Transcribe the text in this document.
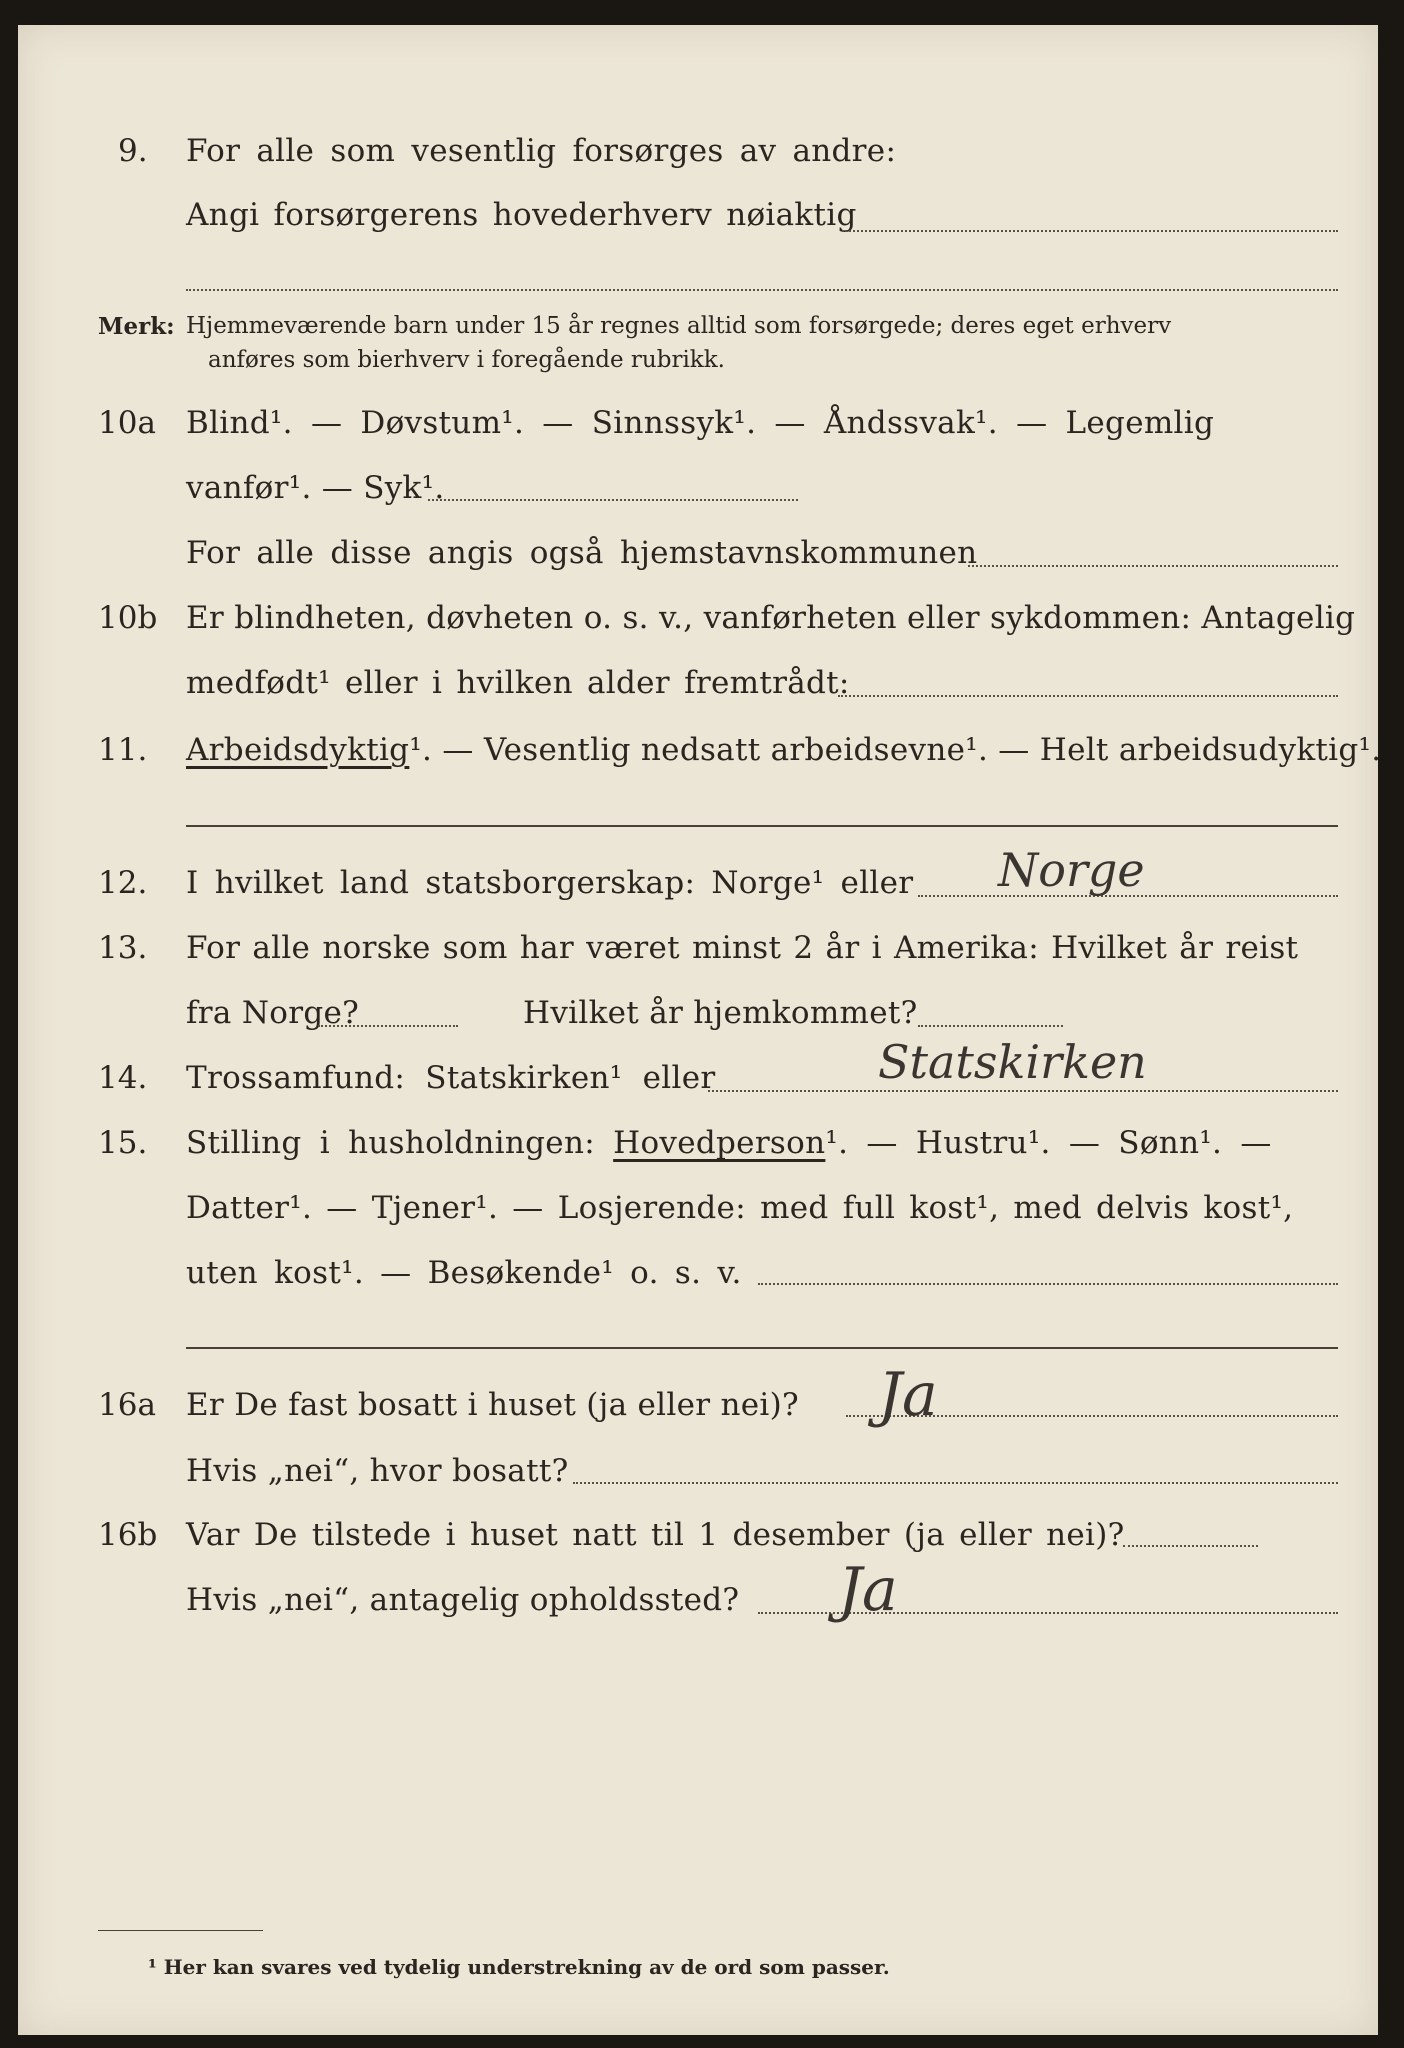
9. For alle som vesentlig forsørges av andre:
Angi forsørgerens hovederhverv nøiaktig
Merk: Hjemmeværende barn under 15 år regnes alltid som forsørgede; deres eget erhverv
anføres som bierhverv i foregående rubrikk.
10a Blind¹. — Døvstum¹. — Sinnssyk¹. — Åndssvak¹. — Legemlig
vanfør¹. — Syk¹.
For alle disse angis også hjemstavnskommunen
10b Er blindheten, døvheten o. s. v., vanførheten eller sykdommen: Antagelig
medfødt¹ eller i hvilken alder fremtrådt:
11. Arbeidsdyktig¹. — Vesentlig nedsatt arbeidsevne¹. — Helt arbeidsudyktig¹.
12. I hvilket land statsborgerskap: Norge¹ eller Norge
13. For alle norske som har været minst 2 år i Amerika: Hvilket år reist
fra Norge?	Hvilket år hjemkommet?
14. Trossamfund: Statskirken¹ eller	Statskirken
15. Stilling i husholdningen: Hovedperson¹. — Hustru¹. — Sønn¹. —
Datter¹. — Tjener¹. — Losjerende: med full kost¹, med delvis kost¹,
uten kost¹. — Besøkende¹ o. s. v.
16a Er De fast bosatt i huset (ja eller nei)? Ja
Hvis „nei“, hvor bosatt?
16b Var De tilstede i huset natt til 1 desember (ja eller nei)?
Hvis „nei“, antagelig opholdssted? Ja
¹ Her kan svares ved tydelig understrekning av de ord som passer.
